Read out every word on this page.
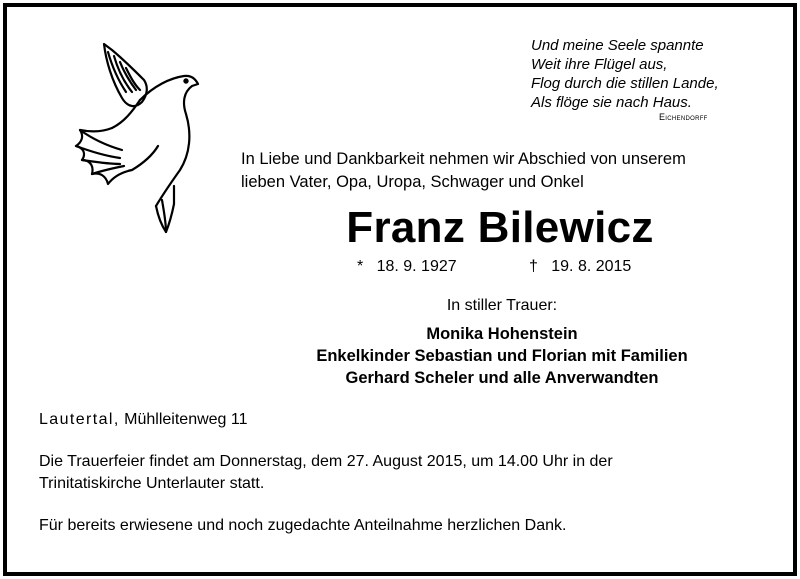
Und meine Seele spannte
Weit ihre Flügel aus,
Flog durch die stillen Lande,
Als flöge sie nach Haus.
Eichendorff
In Liebe und Dankbarkeit nehmen wir Abschied von unserem
lieben Vater, Opa, Uropa, Schwager und Onkel
Franz Bilewicz
* 18. 9. 1927	† 19. 8. 2015
In stiller Trauer:
Monika Hohenstein
Enkelkinder Sebastian und Florian mit Familien
Gerhard Scheler und alle Anverwandten
Lautertal, Mühlleitenweg 11
Die Trauerfeier findet am Donnerstag, dem 27. August 2015, um 14.00 Uhr in der
Trinitatiskirche Unterlauter statt.
Für bereits erwiesene und noch zugedachte Anteilnahme herzlichen Dank.
